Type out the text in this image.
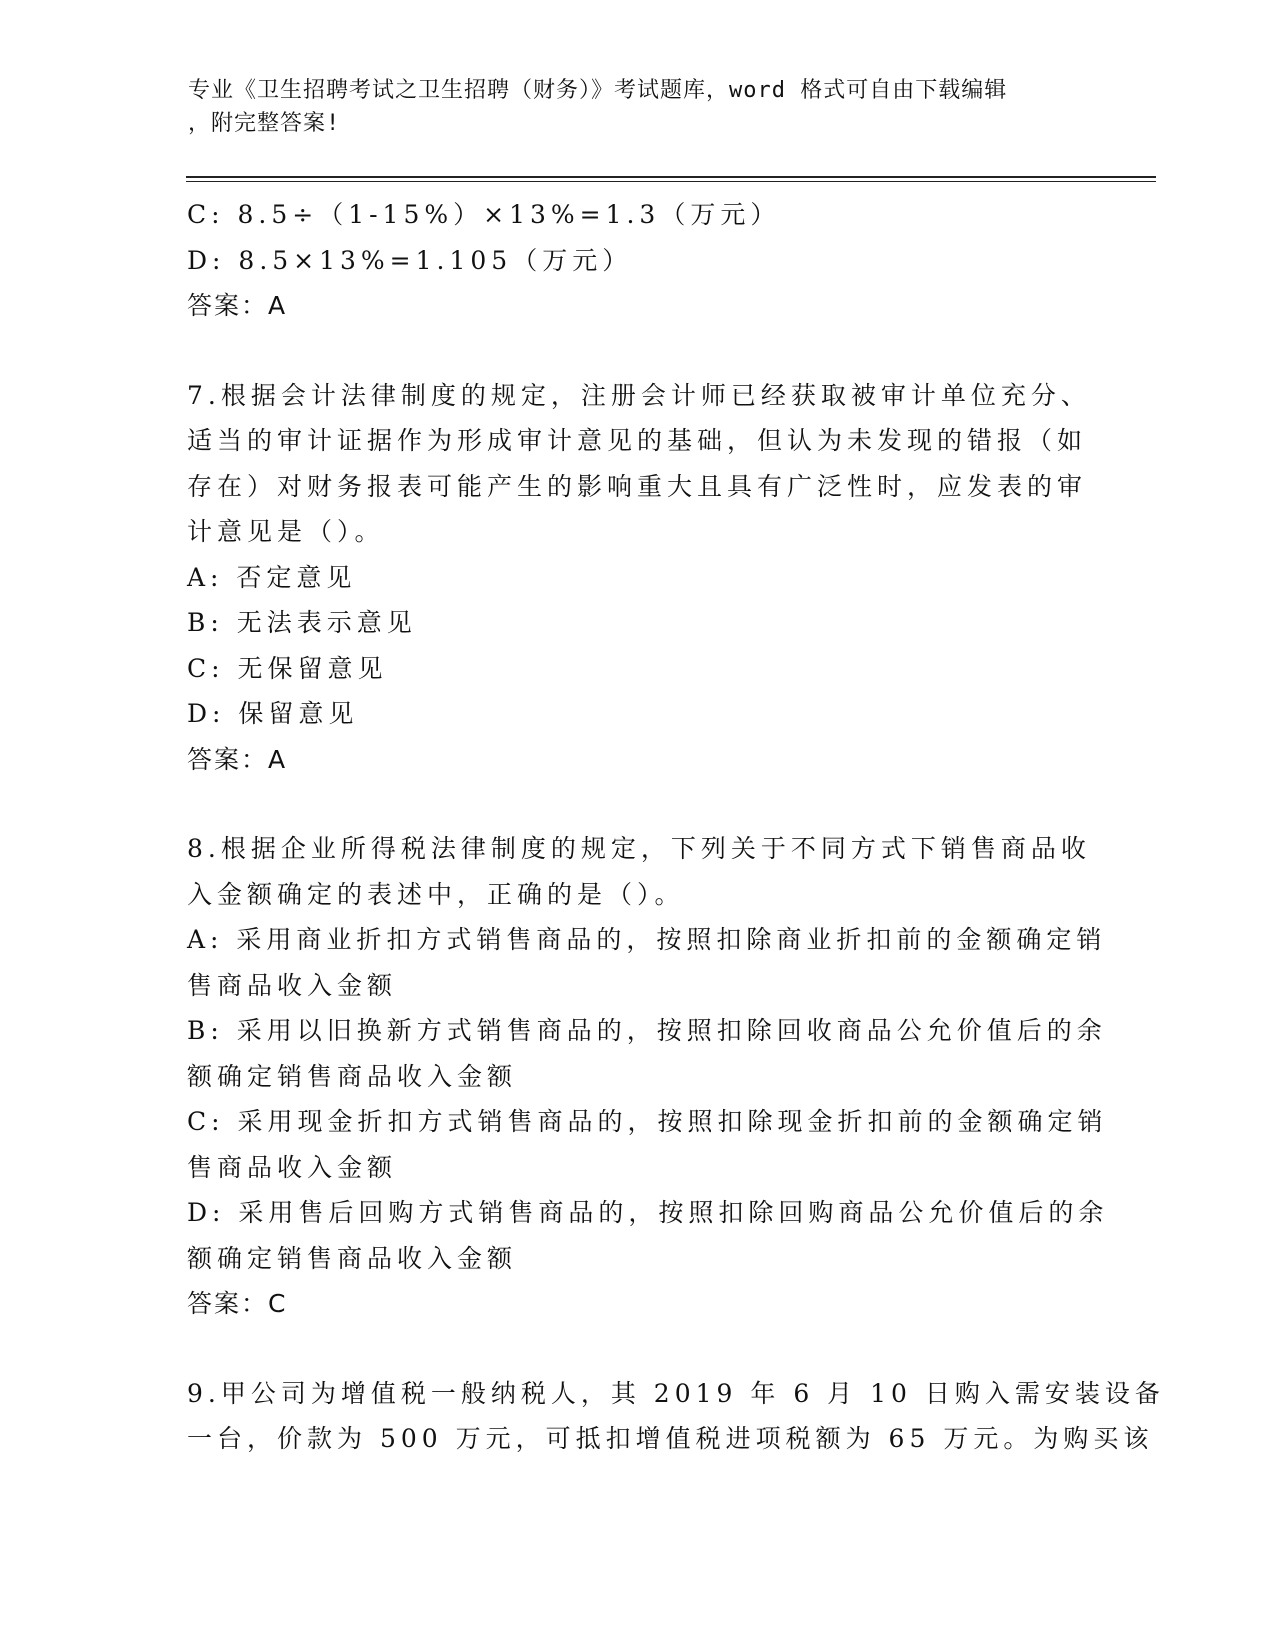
专业《卫生招聘考试之卫生招聘（财务）》考试题库，word 格式可自由下载编辑
，附完整答案!
C: 8.5÷（1-15%）×13%=1.3（万元）
D: 8.5×13%=1.105（万元）
答案：A
7.根据会计法律制度的规定，注册会计师已经获取被审计单位充分、
适当的审计证据作为形成审计意见的基础，但认为未发现的错报（如
存在）对财务报表可能产生的影响重大且具有广泛性时，应发表的审
计意见是（）。
A: 否定意见
B: 无法表示意见
C: 无保留意见
D: 保留意见
答案：A
8.根据企业所得税法律制度的规定，下列关于不同方式下销售商品收
入金额确定的表述中，正确的是（）。
A: 采用商业折扣方式销售商品的，按照扣除商业折扣前的金额确定销
售商品收入金额
B: 采用以旧换新方式销售商品的，按照扣除回收商品公允价值后的余
额确定销售商品收入金额
C: 采用现金折扣方式销售商品的，按照扣除现金折扣前的金额确定销
售商品收入金额
D: 采用售后回购方式销售商品的，按照扣除回购商品公允价值后的余
额确定销售商品收入金额
答案：C
9.甲公司为增值税一般纳税人，其 2019 年 6 月 10 日购入需安装设备
一台，价款为 500 万元，可抵扣增值税进项税额为 65 万元。为购买该
